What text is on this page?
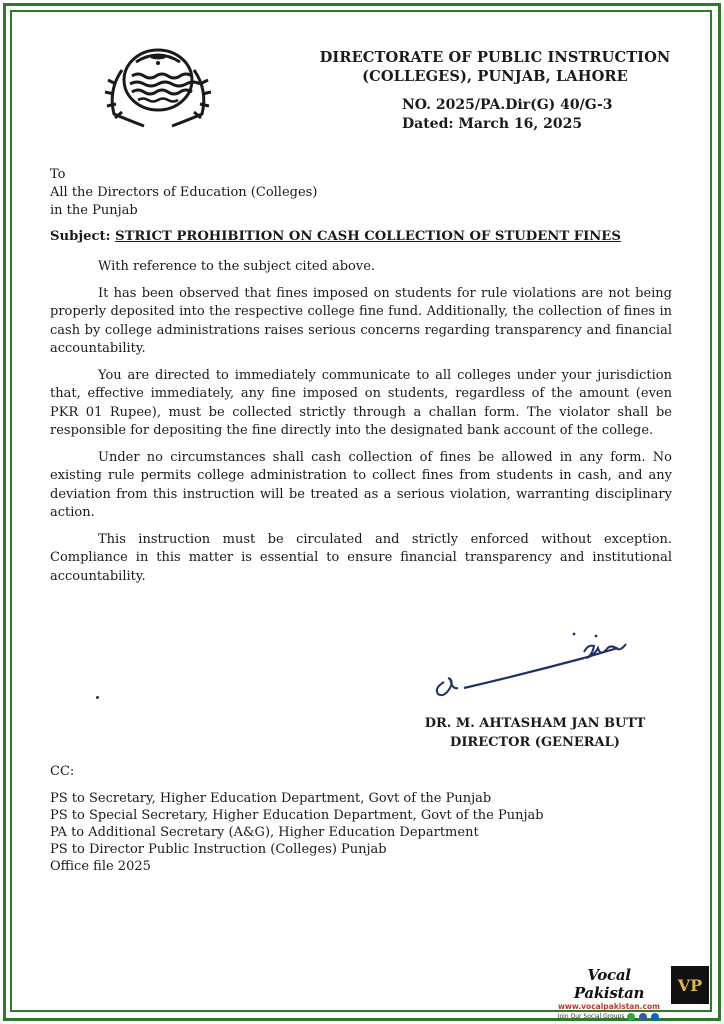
DIRECTORATE OF PUBLIC INSTRUCTION
(COLLEGES), PUNJAB, LAHORE
NO. 2025/PA.Dir(G) 40/G-3
Dated: March 16, 2025
To
All the Directors of Education (Colleges)
in the Punjab
Subject: STRICT PROHIBITION ON CASH COLLECTION OF STUDENT FINES

With reference to the subject cited above.

It has been observed that fines imposed on students for rule violations are not being properly deposited into the respective college fine fund. Additionally, the collection of fines in cash by college administrations raises serious concerns regarding transparency and financial accountability.

You are directed to immediately communicate to all colleges under your jurisdiction that, effective immediately, any fine imposed on students, regardless of the amount (even PKR 01 Rupee), must be collected strictly through a challan form. The violator shall be responsible for depositing the fine directly into the designated bank account of the college.

Under no circumstances shall cash collection of fines be allowed in any form. No existing rule permits college administration to collect fines from students in cash, and any deviation from this instruction will be treated as a serious violation, warranting disciplinary action.

This instruction must be circulated and strictly enforced without exception. Compliance in this matter is essential to ensure financial transparency and institutional accountability.

DR. M. AHTASHAM JAN BUTT
DIRECTOR (GENERAL)
CC:
PS to Secretary, Higher Education Department, Govt of the Punjab
PS to Special Secretary, Higher Education Department, Govt of the Punjab
PA to Additional Secretary (A&G), Higher Education Department
PS to Director Public Instruction (Colleges) Punjab
Office file 2025
Vocal Pakistan
www.vocalpakistan.com
Join Our Social Groups
VP
